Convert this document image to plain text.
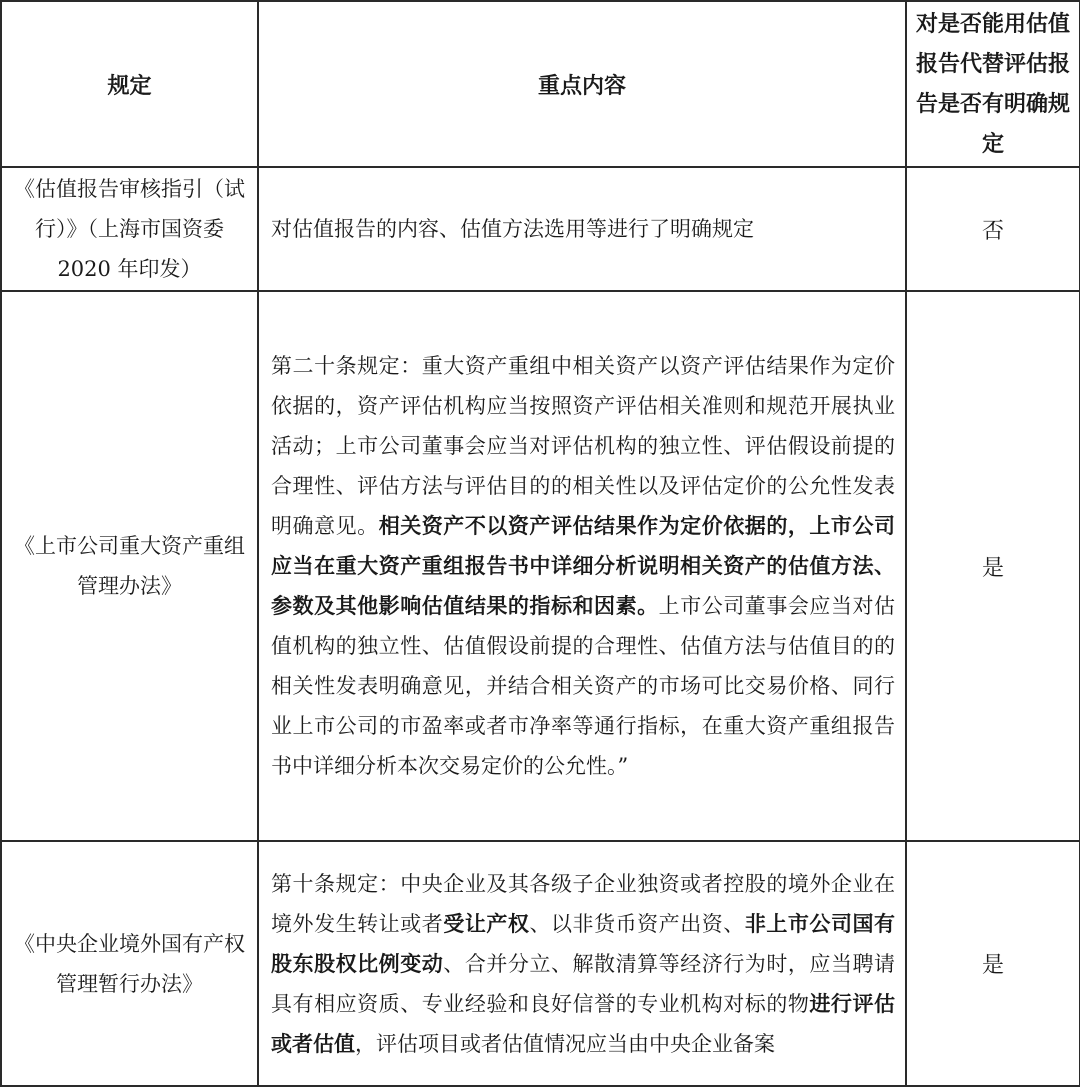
规定	重点内容	对是否能用估值报告代替评估报告是否有明确规定
《估值报告审核指引（试行）》（上海市国资委 2020 年印发）	对估值报告的内容、估值方法选用等进行了明确规定	否
《上市公司重大资产重组管理办法》	第二十条规定：重大资产重组中相关资产以资产评估结果作为定价依据的，资产评估机构应当按照资产评估相关准则和规范开展执业活动；上市公司董事会应当对评估机构的独立性、评估假设前提的合理性、评估方法与评估目的的相关性以及评估定价的公允性发表明确意见。相关资产不以资产评估结果作为定价依据的，上市公司应当在重大资产重组报告书中详细分析说明相关资产的估值方法、参数及其他影响估值结果的指标和因素。上市公司董事会应当对估值机构的独立性、估值假设前提的合理性、估值方法与估值目的的相关性发表明确意见，并结合相关资产的市场可比交易价格、同行业上市公司的市盈率或者市净率等通行指标，在重大资产重组报告书中详细分析本次交易定价的公允性。”	是
《中央企业境外国有产权管理暂行办法》	第十条规定：中央企业及其各级子企业独资或者控股的境外企业在境外发生转让或者受让产权、以非货币资产出资、非上市公司国有股东股权比例变动、合并分立、解散清算等经济行为时，应当聘请具有相应资质、专业经验和良好信誉的专业机构对标的物进行评估或者估值，评估项目或者估值情况应当由中央企业备案	是
